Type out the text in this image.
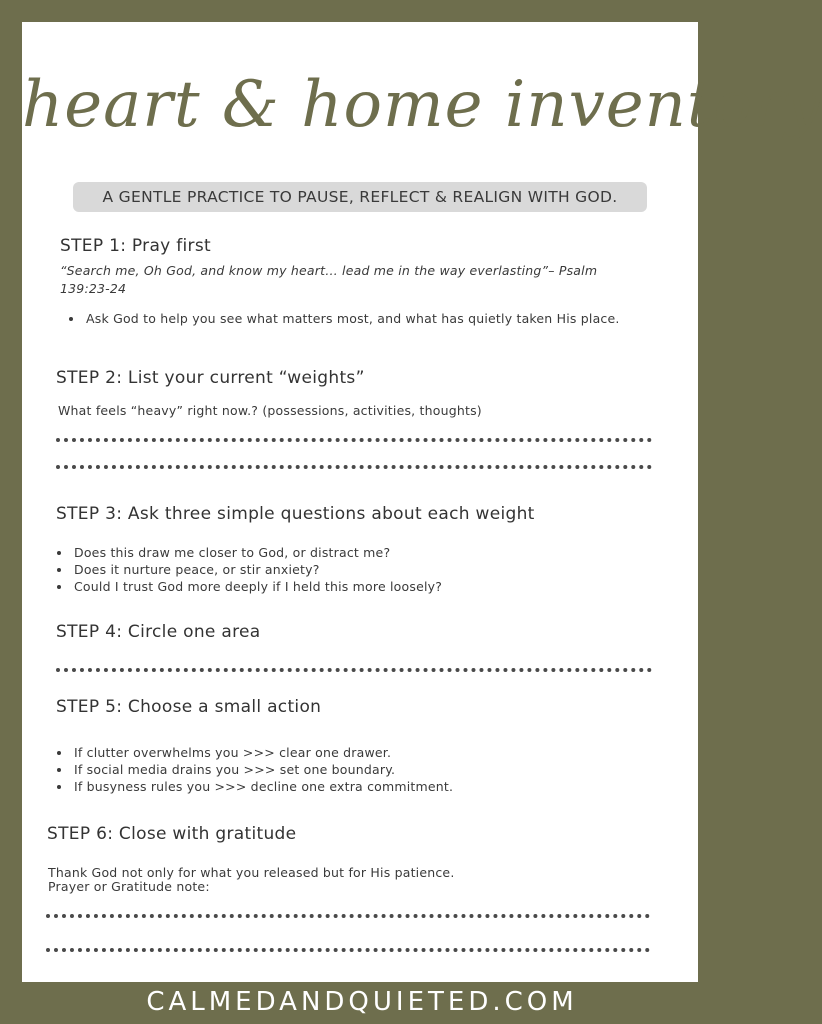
heart & home inventory
A GENTLE PRACTICE TO PAUSE, REFLECT & REALIGN WITH GOD.
STEP 1: Pray first
“Search me, Oh God, and know my heart… lead me in the way everlasting”– Psalm 139:23-24
• Ask God to help you see what matters most, and what has quietly taken His place.
STEP 2: List your current “weights”
What feels “heavy” right now.? (possessions, activities, thoughts)
STEP 3: Ask three simple questions about each weight
• Does this draw me closer to God, or distract me?
• Does it nurture peace, or stir anxiety?
• Could I trust God more deeply if I held this more loosely?
STEP 4: Circle one area
STEP 5: Choose a small action
• If clutter overwhelms you >>> clear one drawer.
• If social media drains you >>> set one boundary.
• If busyness rules you >>> decline one extra commitment.
STEP 6: Close with gratitude
Thank God not only for what you released but for His patience.
Prayer or Gratitude note:
CALMEDANDQUIETED.COM
